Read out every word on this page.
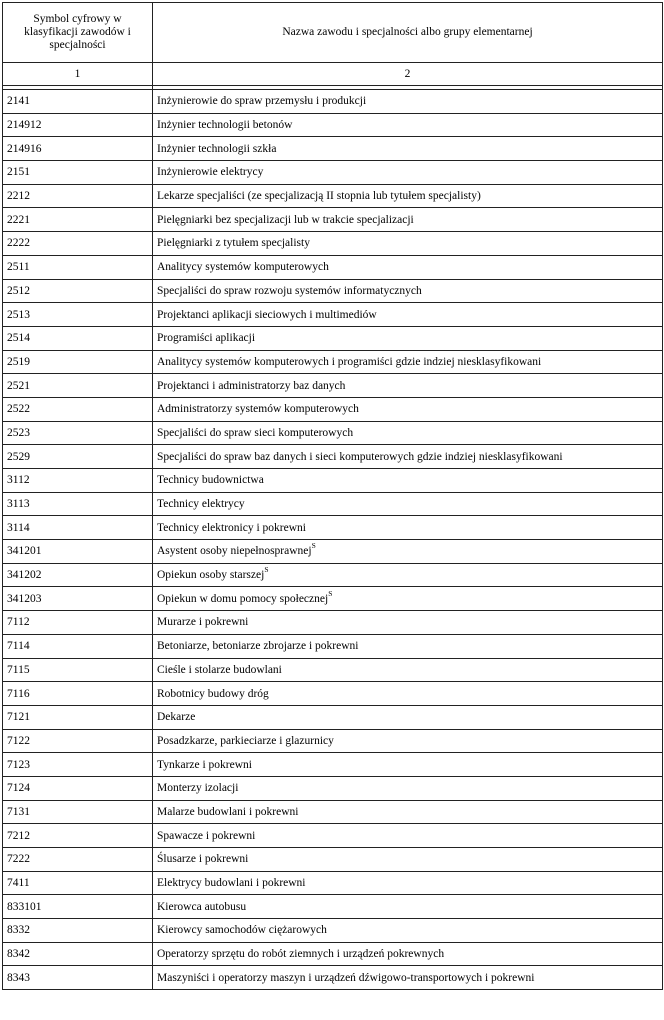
Symbol cyfrowy w klasyfikacji zawodów i specjalności	Nazwa zawodu i specjalności albo grupy elementarnej
1	2

2141	Inżynierowie do spraw przemysłu i produkcji
214912	Inżynier technologii betonów
214916	Inżynier technologii szkła
2151	Inżynierowie elektrycy
2212	Lekarze specjaliści (ze specjalizacją II stopnia lub tytułem specjalisty)
2221	Pielęgniarki bez specjalizacji lub w trakcie specjalizacji
2222	Pielęgniarki z tytułem specjalisty
2511	Analitycy systemów komputerowych
2512	Specjaliści do spraw rozwoju systemów informatycznych
2513	Projektanci aplikacji sieciowych i multimediów
2514	Programiści aplikacji
2519	Analitycy systemów komputerowych i programiści gdzie indziej niesklasyfikowani
2521	Projektanci i administratorzy baz danych
2522	Administratorzy systemów komputerowych
2523	Specjaliści do spraw sieci komputerowych
2529	Specjaliści do spraw baz danych i sieci komputerowych gdzie indziej niesklasyfikowani
3112	Technicy budownictwa
3113	Technicy elektrycy
3114	Technicy elektronicy i pokrewni
341201	Asystent osoby niepełnosprawnej$^S$
341202	Opiekun osoby starszej$^S$
341203	Opiekun w domu pomocy społecznej$^S$
7112	Murarze i pokrewni
7114	Betoniarze, betoniarze zbrojarze i pokrewni
7115	Cieśle i stolarze budowlani
7116	Robotnicy budowy dróg
7121	Dekarze
7122	Posadzkarze, parkieciarze i glazurnicy
7123	Tynkarze i pokrewni
7124	Monterzy izolacji
7131	Malarze budowlani i pokrewni
7212	Spawacze i pokrewni
7222	Ślusarze i pokrewni
7411	Elektrycy budowlani i pokrewni
833101	Kierowca autobusu
8332	Kierowcy samochodów ciężarowych
8342	Operatorzy sprzętu do robót ziemnych i urządzeń pokrewnych
8343	Maszyniści i operatorzy maszyn i urządzeń dźwigowo-transportowych i pokrewni
